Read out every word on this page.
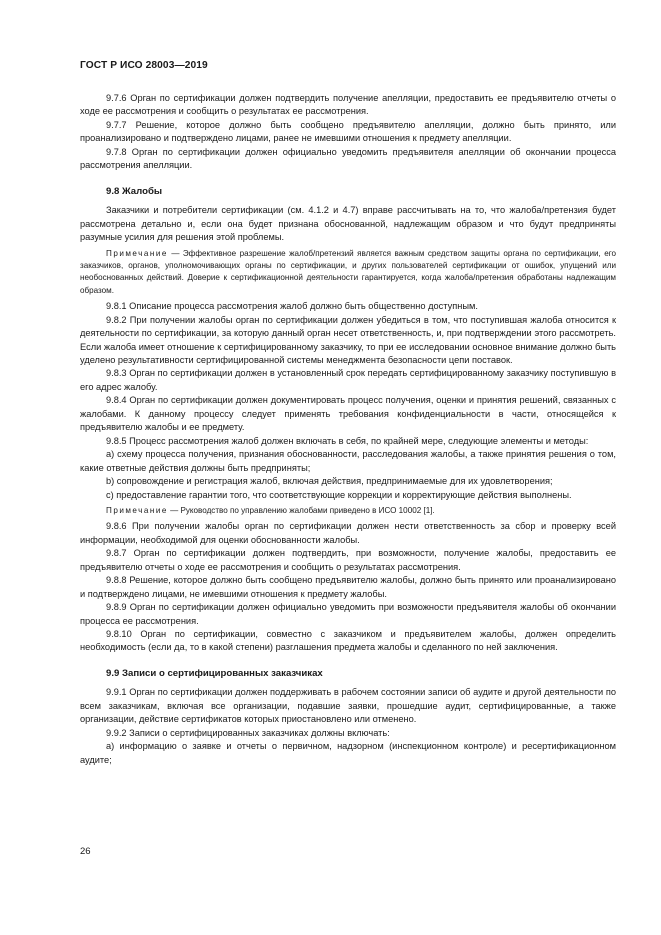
ГОСТ Р ИСО 28003—2019

9.7.6 Орган по сертификации должен подтвердить получение апелляции, предоставить ее предъявителю отчеты о ходе ее рассмотрения и сообщить о результатах ее рассмотрения.

9.7.7 Решение, которое должно быть сообщено предъявителю апелляции, должно быть принято, или проанализировано и подтверждено лицами, ранее не имевшими отношения к предмету апелляции.

9.7.8 Орган по сертификации должен официально уведомить предъявителя апелляции об окончании процесса рассмотрения апелляции.

9.8 Жалобы

Заказчики и потребители сертификации (см. 4.1.2 и 4.7) вправе рассчитывать на то, что жалоба/претензия будет рассмотрена детально и, если она будет признана обоснованной, надлежащим образом и что будут предприняты разумные усилия для решения этой проблемы.

Примечание — Эффективное разрешение жалоб/претензий является важным средством защиты органа по сертификации, его заказчиков, органов, уполномочивающих органы по сертификации, и других пользователей сертификации от ошибок, упущений или необоснованных действий. Доверие к сертификационной деятельности гарантируется, когда жалоба/претензия обработаны надлежащим образом.

9.8.1 Описание процесса рассмотрения жалоб должно быть общественно доступным.

9.8.2 При получении жалобы орган по сертификации должен убедиться в том, что поступившая жалоба относится к деятельности по сертификации, за которую данный орган несет ответственность, и, при подтверждении этого рассмотреть. Если жалоба имеет отношение к сертифицированному заказчику, то при ее исследовании основное внимание должно быть уделено результативности сертифицированной системы менеджмента безопасности цепи поставок.

9.8.3 Орган по сертификации должен в установленный срок передать сертифицированному заказчику поступившую в его адрес жалобу.

9.8.4 Орган по сертификации должен документировать процесс получения, оценки и принятия решений, связанных с жалобами. К данному процессу следует применять требования конфиденциальности в части, относящейся к предъявителю жалобы и ее предмету.

9.8.5 Процесс рассмотрения жалоб должен включать в себя, по крайней мере, следующие элементы и методы:

а) схему процесса получения, признания обоснованности, расследования жалобы, а также принятия решения о том, какие ответные действия должны быть предприняты;

b) сопровождение и регистрация жалоб, включая действия, предпринимаемые для их удовлетворения;

с) предоставление гарантии того, что соответствующие коррекции и корректирующие действия выполнены.

Примечание — Руководство по управлению жалобами приведено в ИСО 10002 [1].

9.8.6 При получении жалобы орган по сертификации должен нести ответственность за сбор и проверку всей информации, необходимой для оценки обоснованности жалобы.

9.8.7 Орган по сертификации должен подтвердить, при возможности, получение жалобы, предоставить ее предъявителю отчеты о ходе ее рассмотрения и сообщить о результатах рассмотрения.

9.8.8 Решение, которое должно быть сообщено предъявителю жалобы, должно быть принято или проанализировано и подтверждено лицами, не имевшими отношения к предмету жалобы.

9.8.9 Орган по сертификации должен официально уведомить при возможности предъявителя жалобы об окончании процесса ее рассмотрения.

9.8.10 Орган по сертификации, совместно с заказчиком и предъявителем жалобы, должен определить необходимость (если да, то в какой степени) разглашения предмета жалобы и сделанного по ней заключения.

9.9 Записи о сертифицированных заказчиках

9.9.1 Орган по сертификации должен поддерживать в рабочем состоянии записи об аудите и другой деятельности по всем заказчикам, включая все организации, подавшие заявки, прошедшие аудит, сертифицированные, а также организации, действие сертификатов которых приостановлено или отменено.

9.9.2 Записи о сертифицированных заказчиках должны включать:

а) информацию о заявке и отчеты о первичном, надзорном (инспекционном контроле) и ресертификационном аудите;

26
